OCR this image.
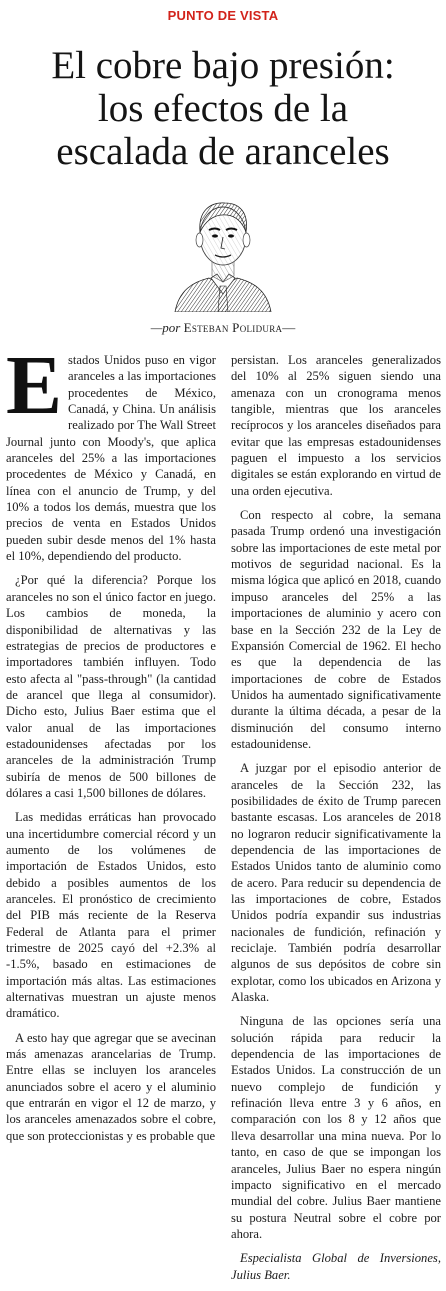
PUNTO DE VISTA
El cobre bajo presión:
los efectos de la
escalada de aranceles
—por Esteban Polidura—

Estados Unidos puso en vigor aranceles a las importaciones procedentes de México, Canadá, y China. Un análisis realizado por The Wall Street Journal junto con Moody's, que aplica aranceles del 25% a las importaciones procedentes de México y Canadá, en línea con el anuncio de Trump, y del 10% a todos los demás, muestra que los precios de venta en Estados Unidos pueden subir desde menos del 1% hasta el 10%, dependiendo del producto.

¿Por qué la diferencia? Porque los aranceles no son el único factor en juego. Los cambios de moneda, la disponibilidad de alternativas y las estrategias de precios de productores e importadores también influyen. Todo esto afecta al "pass-through" (la cantidad de arancel que llega al consumidor). Dicho esto, Julius Baer estima que el valor anual de las importaciones estadounidenses afectadas por los aranceles de la administración Trump subiría de menos de 500 billones de dólares a casi 1,500 billones de dólares.

Las medidas erráticas han provocado una incertidumbre comercial récord y un aumento de los volúmenes de importación de Estados Unidos, esto debido a posibles aumentos de los aranceles. El pronóstico de crecimiento del PIB más reciente de la Reserva Federal de Atlanta para el primer trimestre de 2025 cayó del +2.3% al -1.5%, basado en estimaciones de importación más altas. Las estimaciones alternativas muestran un ajuste menos dramático.

A esto hay que agregar que se avecinan más amenazas arancelarias de Trump. Entre ellas se incluyen los aranceles anunciados sobre el acero y el aluminio que entrarán en vigor el 12 de marzo, y los aranceles amenazados sobre el cobre, que son proteccionistas y es probable que

persistan. Los aranceles generalizados del 10% al 25% siguen siendo una amenaza con un cronograma menos tangible, mientras que los aranceles recíprocos y los aranceles diseñados para evitar que las empresas estadounidenses paguen el impuesto a los servicios digitales se están explorando en virtud de una orden ejecutiva.

Con respecto al cobre, la semana pasada Trump ordenó una investigación sobre las importaciones de este metal por motivos de seguridad nacional. Es la misma lógica que aplicó en 2018, cuando impuso aranceles del 25% a las importaciones de aluminio y acero con base en la Sección 232 de la Ley de Expansión Comercial de 1962. El hecho es que la dependencia de las importaciones de cobre de Estados Unidos ha aumentado significativamente durante la última década, a pesar de la disminución del consumo interno estadounidense.

A juzgar por el episodio anterior de aranceles de la Sección 232, las posibilidades de éxito de Trump parecen bastante escasas. Los aranceles de 2018 no lograron reducir significativamente la dependencia de las importaciones de Estados Unidos tanto de aluminio como de acero. Para reducir su dependencia de las importaciones de cobre, Estados Unidos podría expandir sus industrias nacionales de fundición, refinación y reciclaje. También podría desarrollar algunos de sus depósitos de cobre sin explotar, como los ubicados en Arizona y Alaska.

Ninguna de las opciones sería una solución rápida para reducir la dependencia de las importaciones de Estados Unidos. La construcción de un nuevo complejo de fundición y refinación lleva entre 3 y 6 años, en comparación con los 8 y 12 años que lleva desarrollar una mina nueva. Por lo tanto, en caso de que se impongan los aranceles, Julius Baer no espera ningún impacto significativo en el mercado mundial del cobre. Julius Baer mantiene su postura Neutral sobre el cobre por ahora.

Especialista Global de Inversiones, Julius Baer.
